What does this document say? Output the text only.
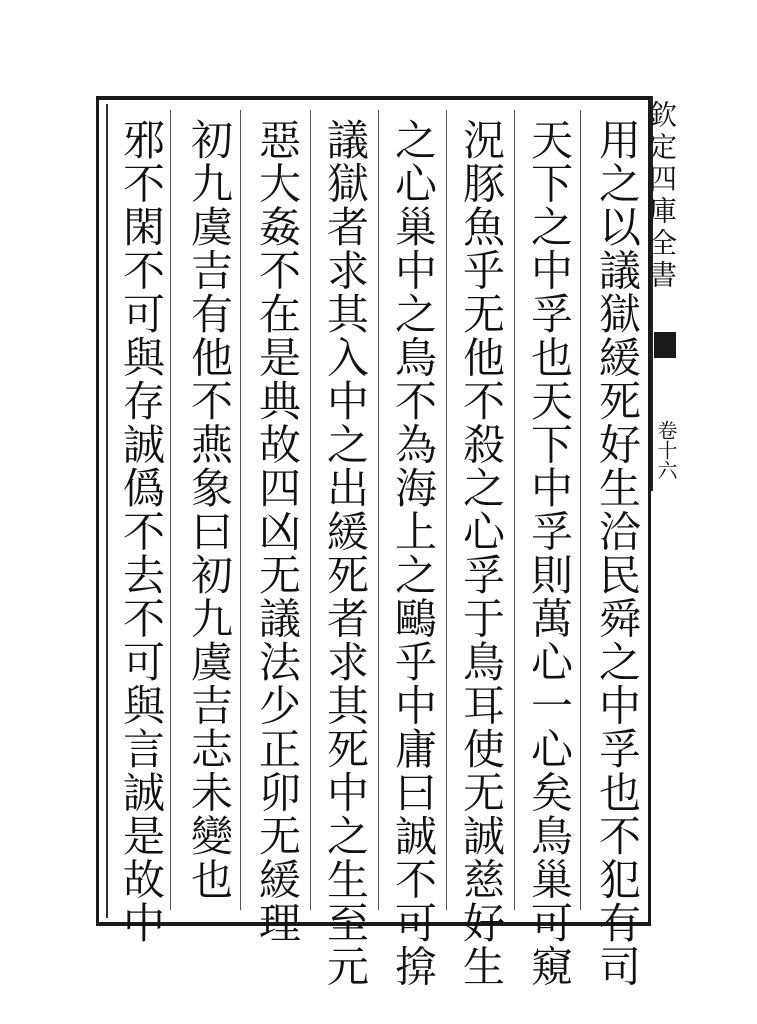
欽定四庫全書
卷十六
用之以議獄緩死好生洽民舜之中孚也不犯有司
天下之中孚也天下中孚則萬心一心矣鳥巢可窺
況豚魚乎无他不殺之心孚于鳥耳使无誠慈好生
之心巢中之鳥不為海上之鷗乎中庸曰誠不可揜
議獄者求其入中之出緩死者求其死中之生至元
惡大姦不在是典故四凶无議法少正卯无緩理
初九虞吉有他不燕象曰初九虞吉志未變也
邪不閑不可與存誠僞不去不可與言誠是故中
